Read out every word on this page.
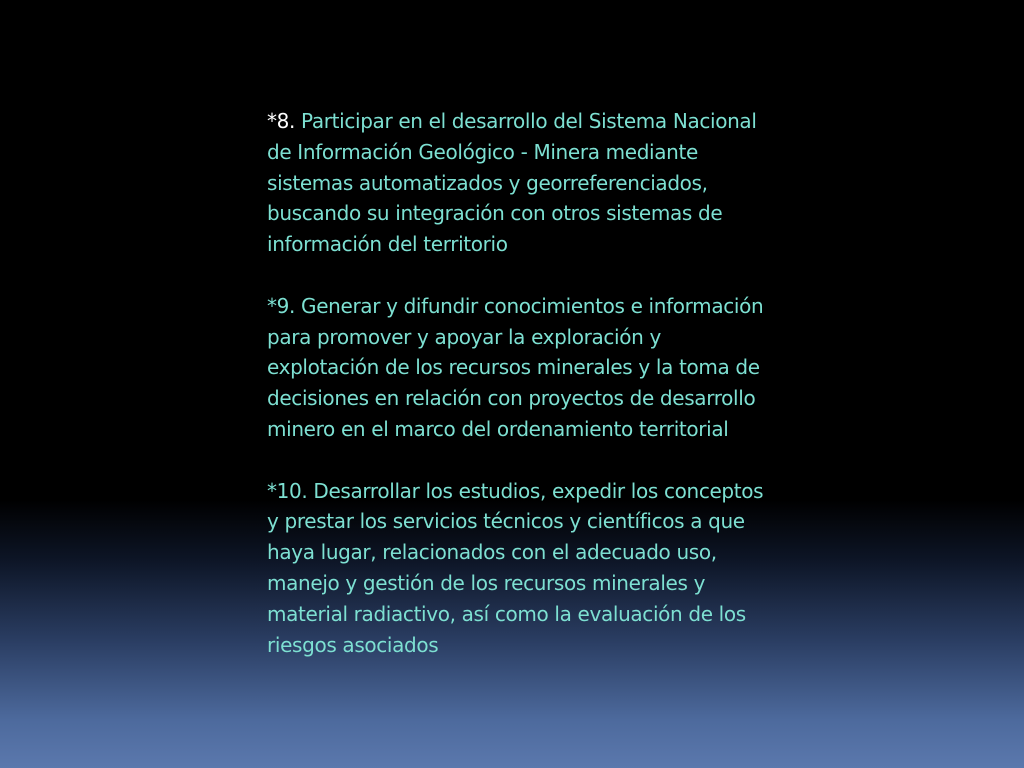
*8. Participar en el desarrollo del Sistema Nacional de Información Geológico - Minera mediante sistemas automatizados y georreferenciados, buscando su integración con otros sistemas de información del territorio

*9. Generar y difundir conocimientos e información para promover y apoyar la exploración y explotación de los recursos minerales y la toma de decisiones en relación con proyectos de desarrollo minero en el marco del ordenamiento territorial

*10. Desarrollar los estudios, expedir los conceptos y prestar los servicios técnicos y científicos a que haya lugar, relacionados con el adecuado uso, manejo y gestión de los recursos minerales y material radiactivo, así como la evaluación de los riesgos asociados
